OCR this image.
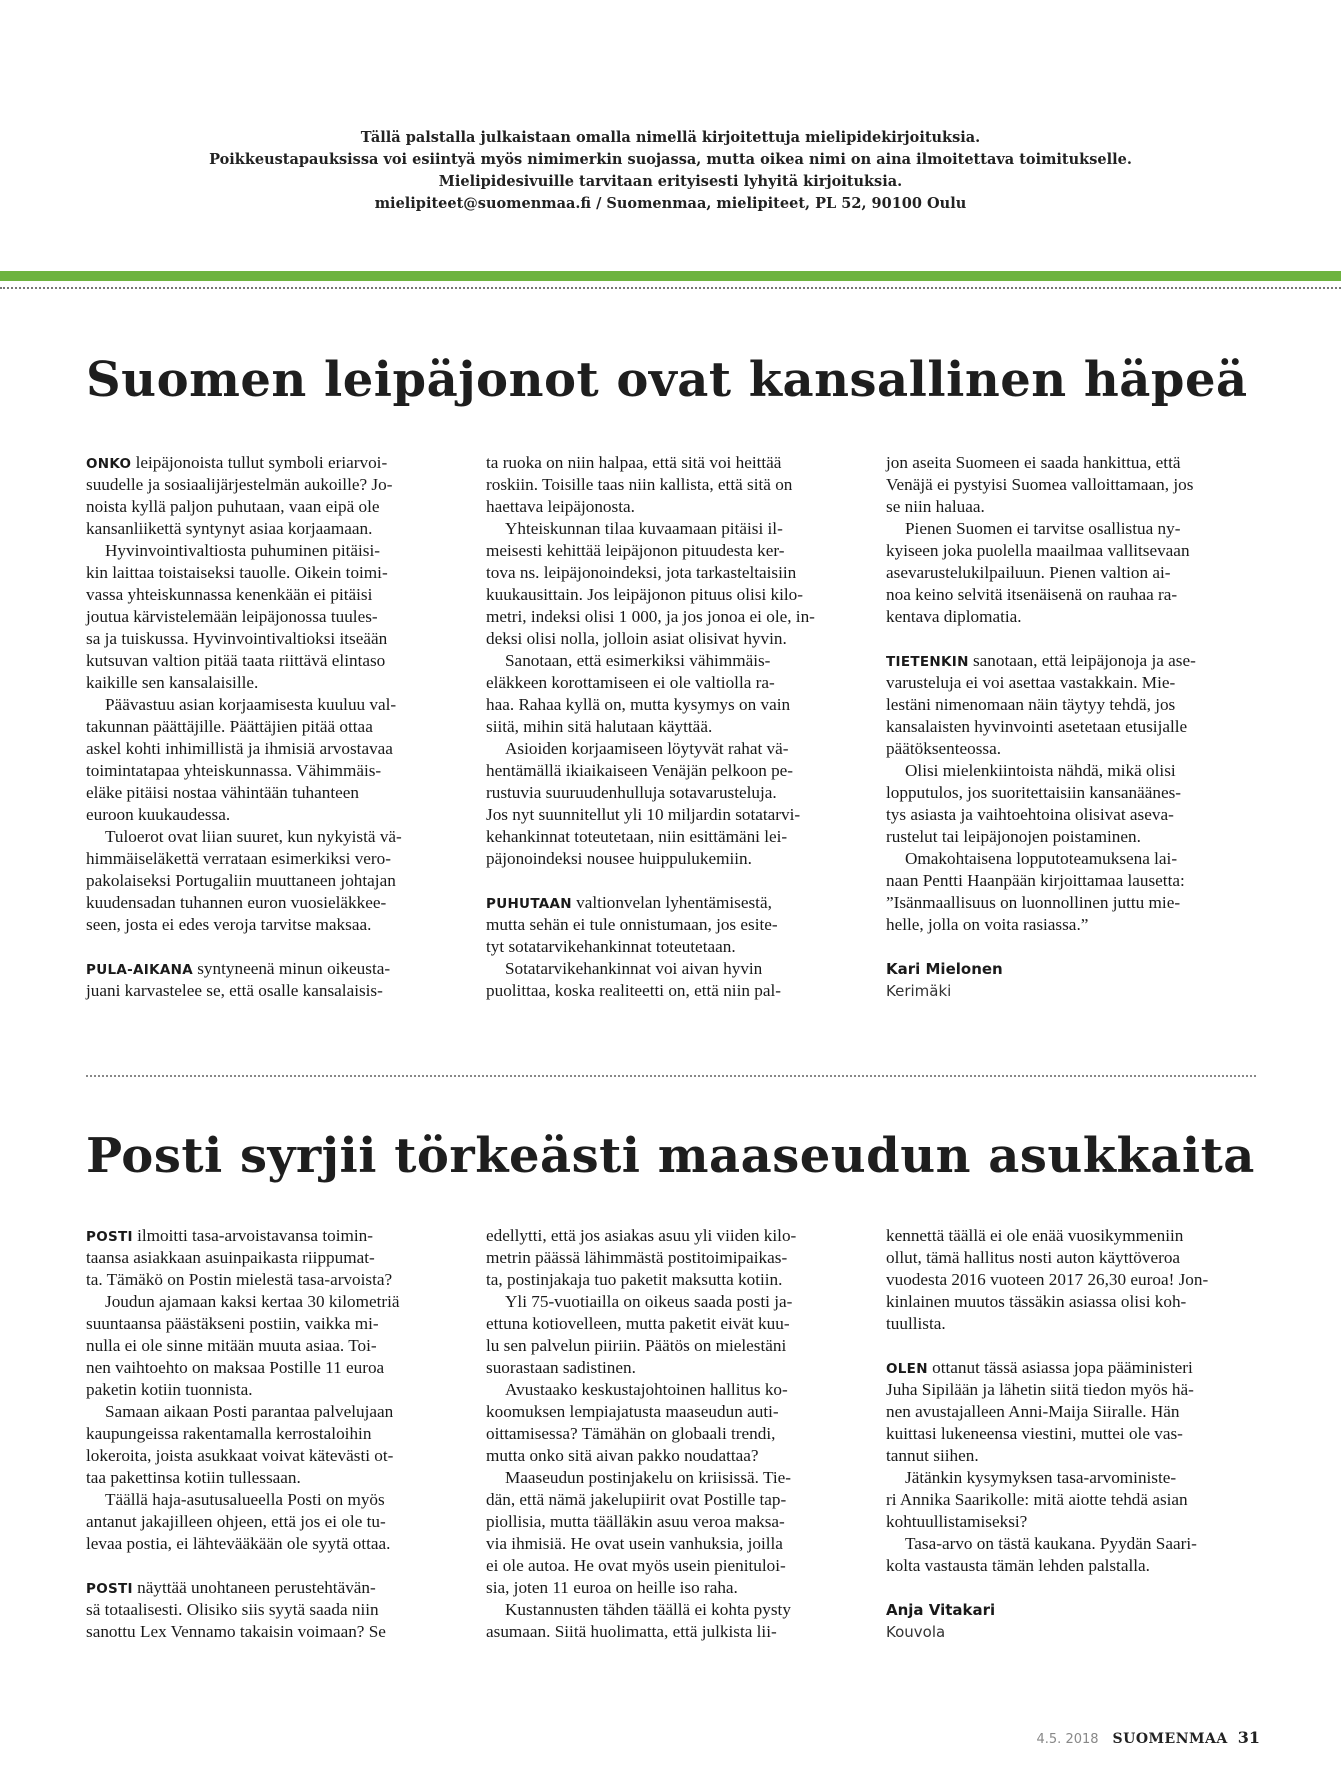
Tällä palstalla julkaistaan omalla nimellä kirjoitettuja mielipidekirjoituksia.
Poikkeustapauksissa voi esiintyä myös nimimerkin suojassa, mutta oikea nimi on aina ilmoitettava toimitukselle.
Mielipidesivuille tarvitaan erityisesti lyhyitä kirjoituksia.
mielipiteet@suomenmaa.fi / Suomenmaa, mielipiteet, PL 52, 90100 Oulu
Suomen leipäjonot ovat kansallinen häpeä
ONKO leipäjonoista tullut symboli eriarvoi-
suudelle ja sosiaalijärjestelmän aukoille? Jo-
noista kyllä paljon puhutaan, vaan eipä ole
kansanliikettä syntynyt asiaa korjaamaan.
Hyvinvointivaltiosta puhuminen pitäisi-
kin laittaa toistaiseksi tauolle. Oikein toimi-
vassa yhteiskunnassa kenenkään ei pitäisi
joutua kärvistelemään leipäjonossa tuules-
sa ja tuiskussa. Hyvinvointivaltioksi itseään
kutsuvan valtion pitää taata riittävä elintaso
kaikille sen kansalaisille.
Päävastuu asian korjaamisesta kuuluu val-
takunnan päättäjille. Päättäjien pitää ottaa
askel kohti inhimillistä ja ihmisiä arvostavaa
toimintatapaa yhteiskunnassa. Vähimmäis-
eläke pitäisi nostaa vähintään tuhanteen
euroon kuukaudessa.
Tuloerot ovat liian suuret, kun nykyistä vä-
himmäiseläkettä verrataan esimerkiksi vero-
pakolaiseksi Portugaliin muuttaneen johtajan
kuudensadan tuhannen euron vuosieläkkee-
seen, josta ei edes veroja tarvitse maksaa.
PULA-AIKANA syntyneenä minun oikeusta-
juani karvastelee se, että osalle kansalaisis-
ta ruoka on niin halpaa, että sitä voi heittää
roskiin. Toisille taas niin kallista, että sitä on
haettava leipäjonosta.
Yhteiskunnan tilaa kuvaamaan pitäisi il-
meisesti kehittää leipäjonon pituudesta ker-
tova ns. leipäjonoindeksi, jota tarkasteltaisiin
kuukausittain. Jos leipäjonon pituus olisi kilo-
metri, indeksi olisi 1 000, ja jos jonoa ei ole, in-
deksi olisi nolla, jolloin asiat olisivat hyvin.
Sanotaan, että esimerkiksi vähimmäis-
eläkkeen korottamiseen ei ole valtiolla ra-
haa. Rahaa kyllä on, mutta kysymys on vain
siitä, mihin sitä halutaan käyttää.
Asioiden korjaamiseen löytyvät rahat vä-
hentämällä ikiaikaiseen Venäjän pelkoon pe-
rustuvia suuruudenhulluja sotavarusteluja.
Jos nyt suunnitellut yli 10 miljardin sotatarvi-
kehankinnat toteutetaan, niin esittämäni lei-
päjonoindeksi nousee huippulukemiin.
PUHUTAAN valtionvelan lyhentämisestä,
mutta sehän ei tule onnistumaan, jos esite-
tyt sotatarvikehankinnat toteutetaan.
Sotatarvikehankinnat voi aivan hyvin
puolittaa, koska realiteetti on, että niin pal-
jon aseita Suomeen ei saada hankittua, että
Venäjä ei pystyisi Suomea valloittamaan, jos
se niin haluaa.
Pienen Suomen ei tarvitse osallistua ny-
kyiseen joka puolella maailmaa vallitsevaan
asevarustelukilpailuun. Pienen valtion ai-
noa keino selvitä itsenäisenä on rauhaa ra-
kentava diplomatia.
TIETENKIN sanotaan, että leipäjonoja ja ase-
varusteluja ei voi asettaa vastakkain. Mie-
lestäni nimenomaan näin täytyy tehdä, jos
kansalaisten hyvinvointi asetetaan etusijalle
päätöksenteossa.
Olisi mielenkiintoista nähdä, mikä olisi
lopputulos, jos suoritettaisiin kansanäänes-
tys asiasta ja vaihtoehtoina olisivat aseva-
rustelut tai leipäjonojen poistaminen.
Omakohtaisena lopputoteamuksena lai-
naan Pentti Haanpään kirjoittamaa lausetta:
”Isänmaallisuus on luonnollinen juttu mie-
helle, jolla on voita rasiassa.”
Kari Mielonen
Kerimäki
Posti syrjii törkeästi maaseudun asukkaita
POSTI ilmoitti tasa-arvoistavansa toimin-
taansa asiakkaan asuinpaikasta riippumat-
ta. Tämäkö on Postin mielestä tasa-arvoista?
Joudun ajamaan kaksi kertaa 30 kilometriä
suuntaansa päästäkseni postiin, vaikka mi-
nulla ei ole sinne mitään muuta asiaa. Toi-
nen vaihtoehto on maksaa Postille 11 euroa
paketin kotiin tuonnista.
Samaan aikaan Posti parantaa palvelujaan
kaupungeissa rakentamalla kerrostaloihin
lokeroita, joista asukkaat voivat kätevästi ot-
taa pakettinsa kotiin tullessaan.
Täällä haja-asutusalueella Posti on myös
antanut jakajilleen ohjeen, että jos ei ole tu-
levaa postia, ei lähtevääkään ole syytä ottaa.
POSTI näyttää unohtaneen perustehtävän-
sä totaalisesti. Olisiko siis syytä saada niin
sanottu Lex Vennamo takaisin voimaan? Se
edellytti, että jos asiakas asuu yli viiden kilo-
metrin päässä lähimmästä postitoimipaikas-
ta, postinjakaja tuo paketit maksutta kotiin.
Yli 75-vuotiailla on oikeus saada posti ja-
ettuna kotiovelleen, mutta paketit eivät kuu-
lu sen palvelun piiriin. Päätös on mielestäni
suorastaan sadistinen.
Avustaako keskustajohtoinen hallitus ko-
koomuksen lempiajatusta maaseudun auti-
oittamisessa? Tämähän on globaali trendi,
mutta onko sitä aivan pakko noudattaa?
Maaseudun postinjakelu on kriisissä. Tie-
dän, että nämä jakelupiirit ovat Postille tap-
piollisia, mutta täälläkin asuu veroa maksa-
via ihmisiä. He ovat usein vanhuksia, joilla
ei ole autoa. He ovat myös usein pienituloi-
sia, joten 11 euroa on heille iso raha.
Kustannusten tähden täällä ei kohta pysty
asumaan. Siitä huolimatta, että julkista lii-
kennettä täällä ei ole enää vuosikymmeniin
ollut, tämä hallitus nosti auton käyttöveroa
vuodesta 2016 vuoteen 2017 26,30 euroa! Jon-
kinlainen muutos tässäkin asiassa olisi koh-
tuullista.
OLEN ottanut tässä asiassa jopa pääministeri
Juha Sipilään ja lähetin siitä tiedon myös hä-
nen avustajalleen Anni-Maija Siiralle. Hän
kuittasi lukeneensa viestini, muttei ole vas-
tannut siihen.
Jätänkin kysymyksen tasa-arvoministe-
ri Annika Saarikolle: mitä aiotte tehdä asian
kohtuullistamiseksi?
Tasa-arvo on tästä kaukana. Pyydän Saari-
kolta vastausta tämän lehden palstalla.
Anja Vitakari
Kouvola
4.5. 2018 SUOMENMAA 31
